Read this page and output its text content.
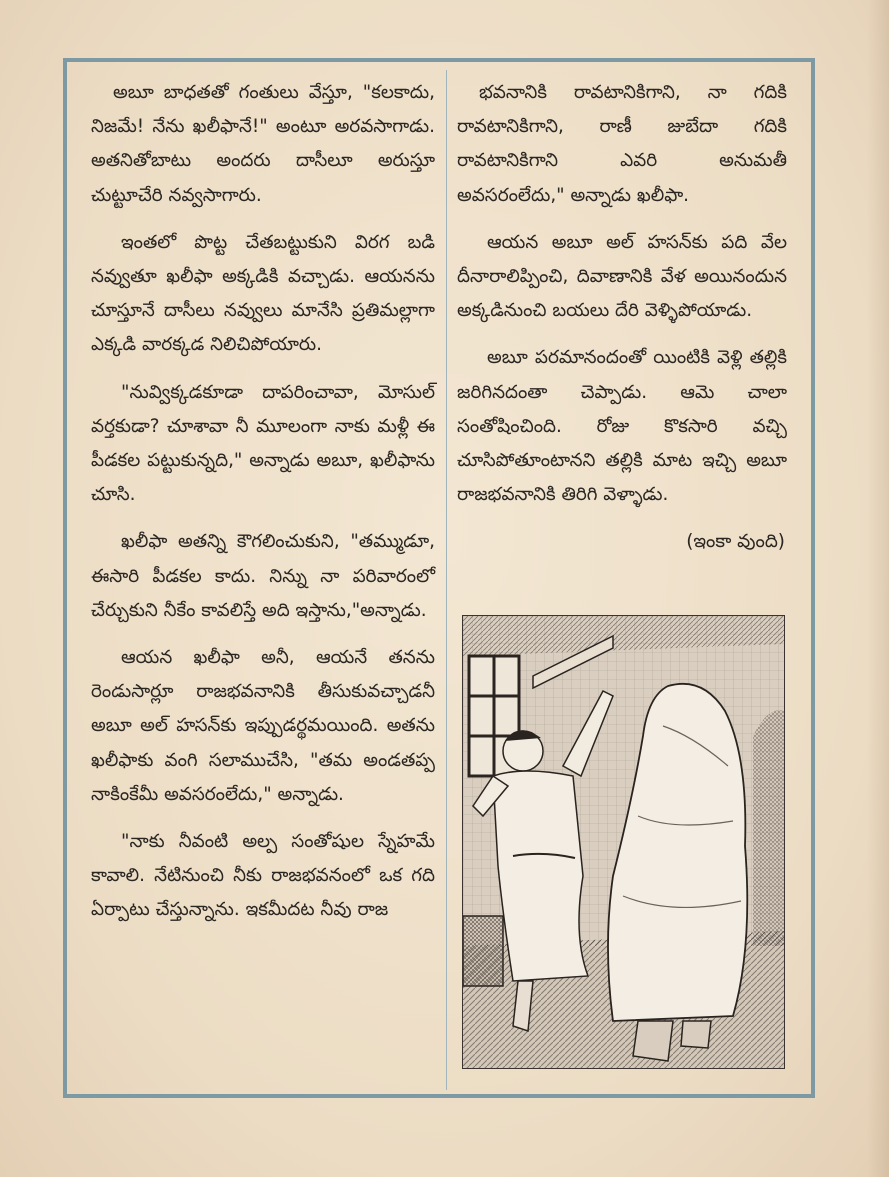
అబూ బాధతతో గంతులు వేస్తూ, "కలకాదు, నిజమే! నేను ఖలీఫానే!" అంటూ అరవసాగాడు. అతనితోబాటు అందరు దాసీలూ అరుస్తూ చుట్టూచేరి నవ్వసాగారు.

ఇంతలో పొట్ట చేతబట్టుకుని విరగ బడి నవ్వుతూ ఖలీఫా అక్కడికి వచ్చాడు. ఆయనను చూస్తూనే దాసీలు నవ్వులు మానేసి ప్రతిమల్లాగా ఎక్కడి వారక్కడ నిలిచిపోయారు.

"నువ్విక్కడకూడా దాపరించావా, మోసుల్ వర్తకుడా? చూశావా నీ మూలంగా నాకు మళ్లీ ఈ పీడకల పట్టుకున్నది," అన్నాడు అబూ, ఖలీఫాను చూసి.

ఖలీఫా అతన్ని కౌగలించుకుని, "తమ్ముడూ, ఈసారి పీడకల కాదు. నిన్ను నా పరివారంలో చేర్చుకుని నీకేం కావలిస్తే అది ఇస్తాను,"అన్నాడు.

ఆయన ఖలీఫా అనీ, ఆయనే తనను రెండుసార్లూ రాజభవనానికి తీసుకువచ్చాడనీ అబూ అల్ హసన్‌కు ఇప్పుడర్థమయింది. అతను ఖలీఫాకు వంగి సలాముచేసి, "తమ అండతప్ప నాకింకేమీ అవసరంలేదు," అన్నాడు.

"నాకు నీవంటి అల్ప సంతోషుల స్నేహమే కావాలి. నేటినుంచి నీకు రాజభవనంలో ఒక గది ఏర్పాటు చేస్తున్నాను. ఇకమీదట నీవు రాజ

భవనానికి రావటానికిగాని, నా గదికి రావటానికిగాని, రాణీ జుబేదా గదికి రావటానికిగాని ఎవరి అనుమతీ అవసరంలేదు," అన్నాడు ఖలీఫా.

ఆయన అబూ అల్ హసన్‌కు పది వేల దీనారాలిప్పించి, దివాణానికి వేళ అయినందున అక్కడినుంచి బయలు దేరి వెళ్ళిపోయాడు.

అబూ పరమానందంతో యింటికి వెళ్లి తల్లికి జరిగినదంతా చెప్పాడు. ఆమె చాలా సంతోషించింది. రోజు కొకసారి వచ్చి చూసిపోతూంటానని తల్లికి మాట ఇచ్చి అబూ రాజభవనానికి తిరిగి వెళ్ళాడు.

(ఇంకా వుంది)
